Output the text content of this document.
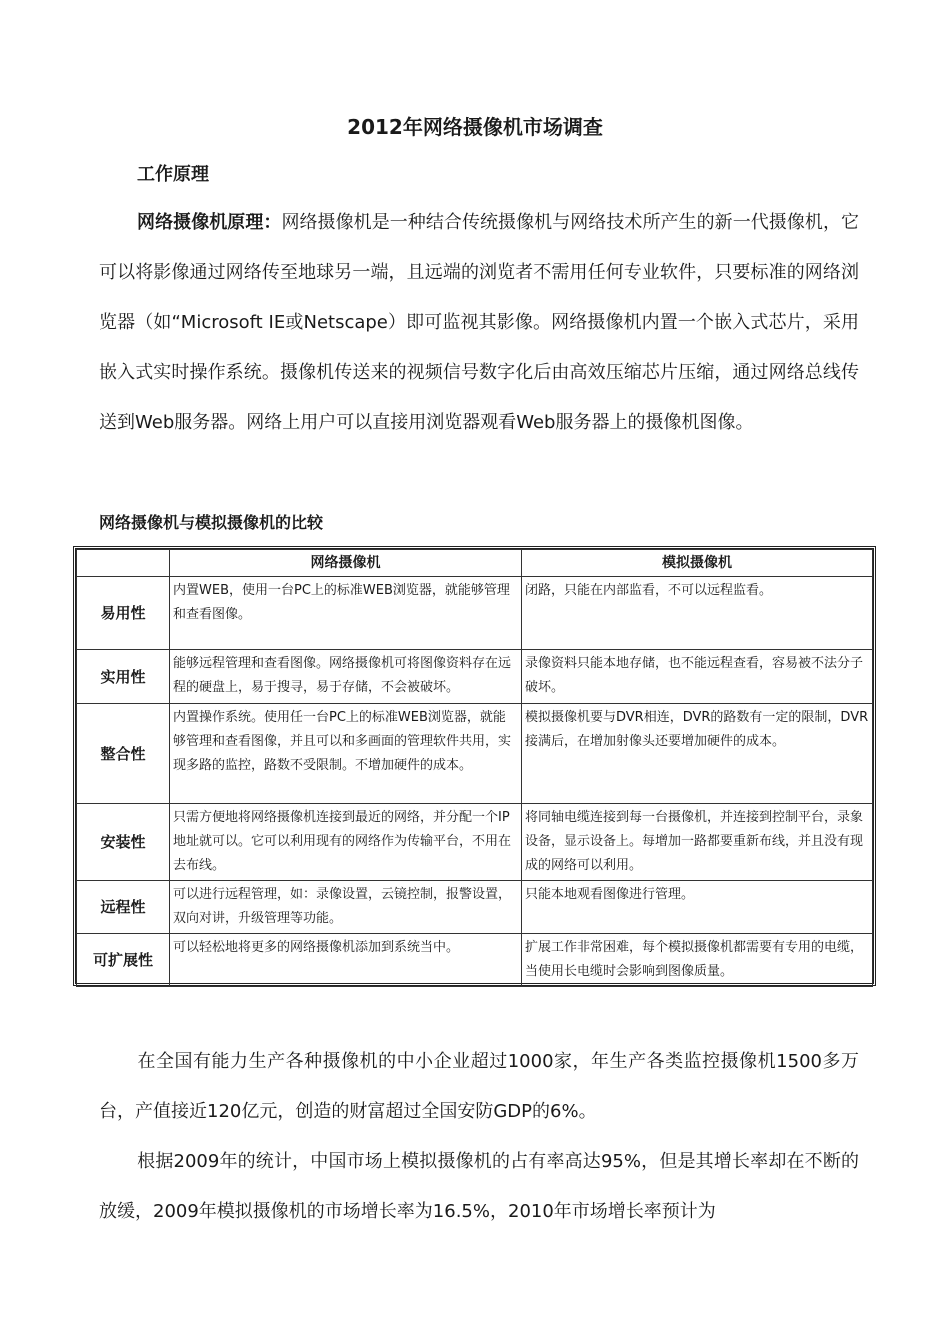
2012年网络摄像机市场调查
工作原理

网络摄像机原理：网络摄像机是一种结合传统摄像机与网络技术所产生的新一代摄像机，它可以将影像通过网络传至地球另一端，且远端的浏览者不需用任何专业软件，只要标准的网络浏览器（如“Microsoft IE或Netscape）即可监视其影像。网络摄像机内置一个嵌入式芯片，采用嵌入式实时操作系统。摄像机传送来的视频信号数字化后由高效压缩芯片压缩，通过网络总线传送到Web服务器。网络上用户可以直接用浏览器观看Web服务器上的摄像机图像。

网络摄像机与模拟摄像机的比较
	网络摄像机	模拟摄像机
易用性	内置WEB，使用一台PC上的标准WEB浏览器，就能够管理和查看图像。	闭路，只能在内部监看，不可以远程监看。
实用性	能够远程管理和查看图像。网络摄像机可将图像资料存在远程的硬盘上，易于搜寻，易于存储，不会被破坏。	录像资料只能本地存储，也不能远程查看，容易被不法分子破坏。
整合性	内置操作系统。使用任一台PC上的标准WEB浏览器，就能够管理和查看图像，并且可以和多画面的管理软件共用，实现多路的监控，路数不受限制。不增加硬件的成本。	模拟摄像机要与DVR相连，DVR的路数有一定的限制，DVR接满后，在增加射像头还要增加硬件的成本。
安装性	只需方便地将网络摄像机连接到最近的网络，并分配一个IP地址就可以。它可以利用现有的网络作为传输平台，不用在去布线。	将同轴电缆连接到每一台摄像机，并连接到控制平台，录象设备，显示设备上。每增加一路都要重新布线，并且没有现成的网络可以利用。
远程性	可以进行远程管理，如：录像设置，云镜控制，报警设置，双向对讲，升级管理等功能。	只能本地观看图像进行管理。
可扩展性	可以轻松地将更多的网络摄像机添加到系统当中。	扩展工作非常困难，每个模拟摄像机都需要有专用的电缆，当使用长电缆时会影响到图像质量。

在全国有能力生产各种摄像机的中小企业超过1000家，年生产各类监控摄像机1500多万台，产值接近120亿元，创造的财富超过全国安防GDP的6%。

根据2009年的统计，中国市场上模拟摄像机的占有率高达95%，但是其增长率却在不断的放缓，2009年模拟摄像机的市场增长率为16.5%，2010年市场增长率预计为
